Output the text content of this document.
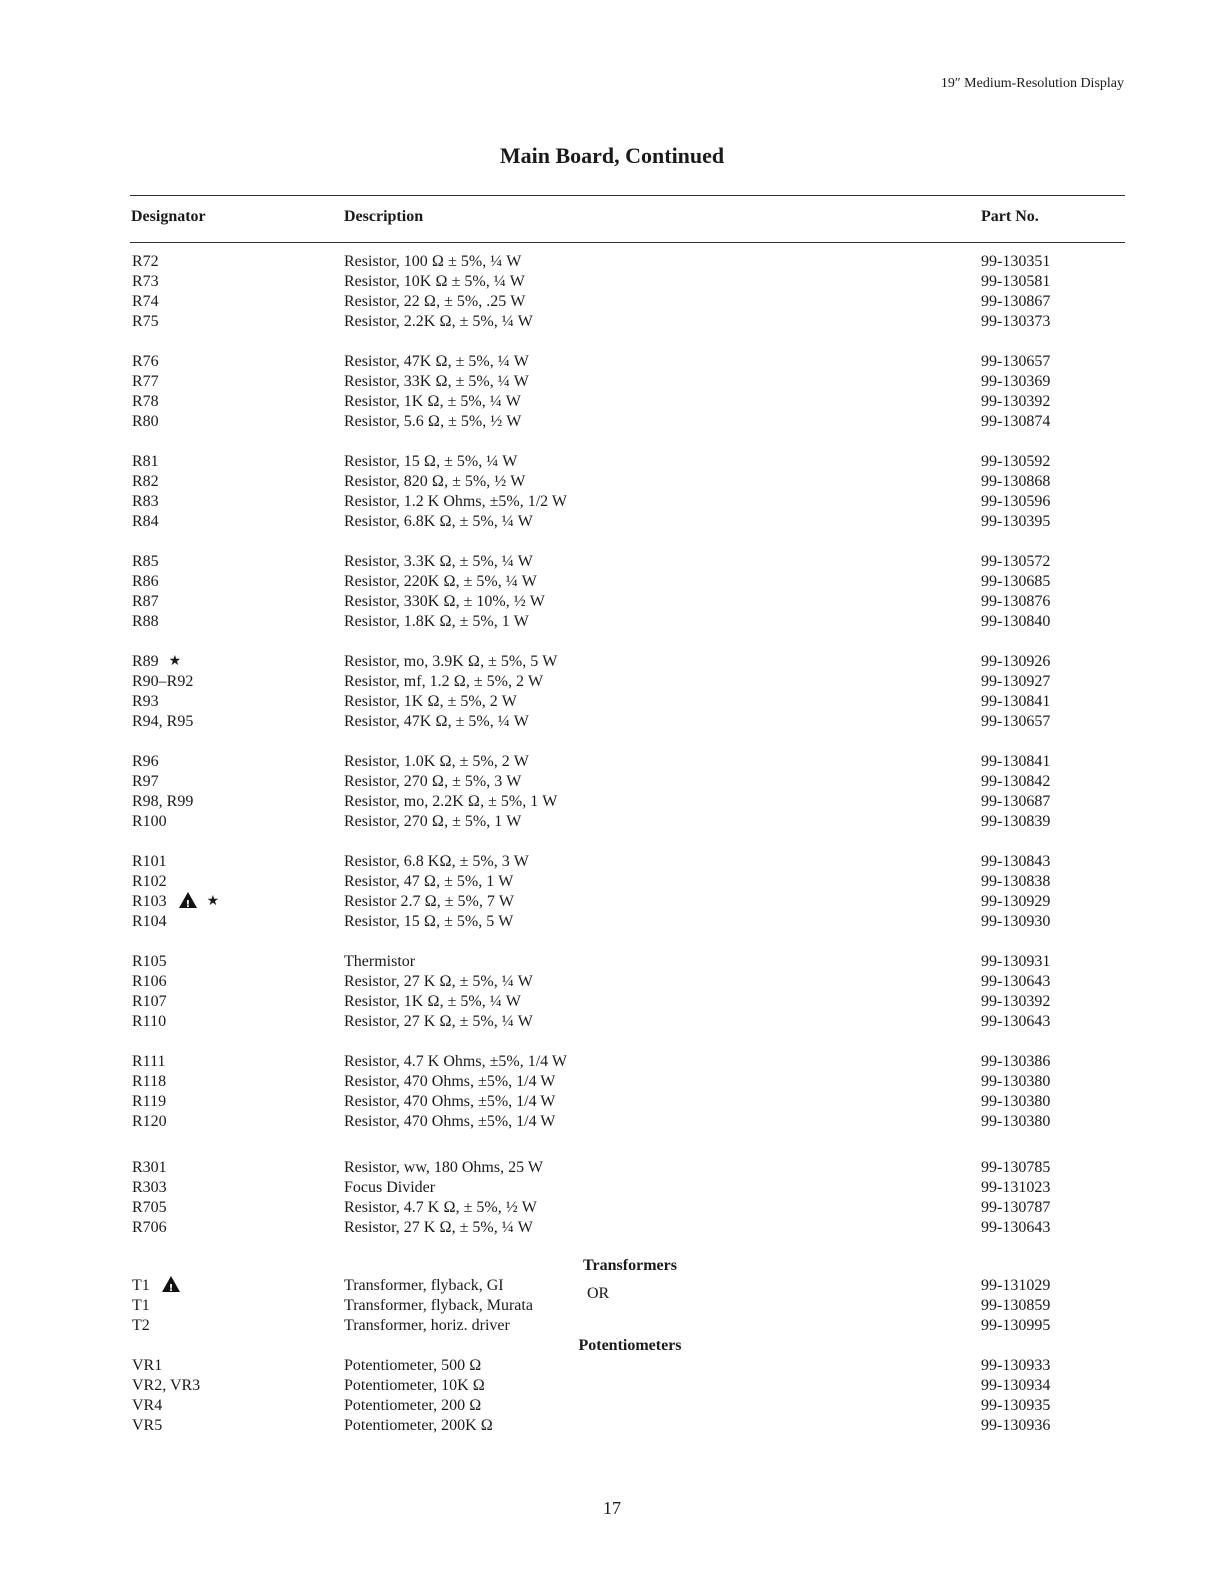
19″ Medium-Resolution Display
Main Board, Continued
Designator	Description	Part No.
R72	Resistor, 100 Ω ± 5%, ¼ W	99-130351
R73	Resistor, 10K Ω ± 5%, ¼ W	99-130581
R74	Resistor, 22 Ω, ± 5%, .25 W	99-130867
R75	Resistor, 2.2K Ω, ± 5%, ¼ W	99-130373
R76	Resistor, 47K Ω, ± 5%, ¼ W	99-130657
R77	Resistor, 33K Ω, ± 5%, ¼ W	99-130369
R78	Resistor, 1K Ω, ± 5%, ¼ W	99-130392
R80	Resistor, 5.6 Ω, ± 5%, ½ W	99-130874
R81	Resistor, 15 Ω, ± 5%, ¼ W	99-130592
R82	Resistor, 820 Ω, ± 5%, ½ W	99-130868
R83	Resistor, 1.2 K Ohms, ±5%, 1/2 W	99-130596
R84	Resistor, 6.8K Ω, ± 5%, ¼ W	99-130395
R85	Resistor, 3.3K Ω, ± 5%, ¼ W	99-130572
R86	Resistor, 220K Ω, ± 5%, ¼ W	99-130685
R87	Resistor, 330K Ω, ± 10%, ½ W	99-130876
R88	Resistor, 1.8K Ω, ± 5%, 1 W	99-130840
R89 ★	Resistor, mo, 3.9K Ω, ± 5%, 5 W	99-130926
R90–R92	Resistor, mf, 1.2 Ω, ± 5%, 2 W	99-130927
R93	Resistor, 1K Ω, ± 5%, 2 W	99-130841
R94, R95	Resistor, 47K Ω, ± 5%, ¼ W	99-130657
R96	Resistor, 1.0K Ω, ± 5%, 2 W	99-130841
R97	Resistor, 270 Ω, ± 5%, 3 W	99-130842
R98, R99	Resistor, mo, 2.2K Ω, ± 5%, 1 W	99-130687
R100	Resistor, 270 Ω, ± 5%, 1 W	99-130839
R101	Resistor, 6.8 KΩ, ± 5%, 3 W	99-130843
R102	Resistor, 47 Ω, ± 5%, 1 W	99-130838
R103 !	★	Resistor 2.7 Ω, ± 5%, 7 W	99-130929
R104	Resistor, 15 Ω, ± 5%, 5 W	99-130930
R105	Thermistor	99-130931
R106	Resistor, 27 K Ω, ± 5%, ¼ W	99-130643
R107	Resistor, 1K Ω, ± 5%, ¼ W	99-130392
R110	Resistor, 27 K Ω, ± 5%, ¼ W	99-130643
R111	Resistor, 4.7 K Ohms, ±5%, 1/4 W	99-130386
R118	Resistor, 470 Ohms, ±5%, 1/4 W	99-130380
R119	Resistor, 470 Ohms, ±5%, 1/4 W	99-130380
R120	Resistor, 470 Ohms, ±5%, 1/4 W	99-130380
R301	Resistor, ww, 180 Ohms, 25 W	99-130785
R303	Focus Divider	99-131023
R705	Resistor, 4.7 K Ω, ± 5%, ½ W	99-130787
R706	Resistor, 27 K Ω, ± 5%, ¼ W	99-130643
Transformers
T1 !	Transformer, flyback, GI	99-131029
T1	Transformer, flyback, Murata	99-130859
T2	Transformer, horiz. driver	99-130995
OR
Potentiometers
VR1	Potentiometer, 500 Ω	99-130933
VR2, VR3	Potentiometer, 10K Ω	99-130934
VR4	Potentiometer, 200 Ω	99-130935
VR5	Potentiometer, 200K Ω	99-130936
17
